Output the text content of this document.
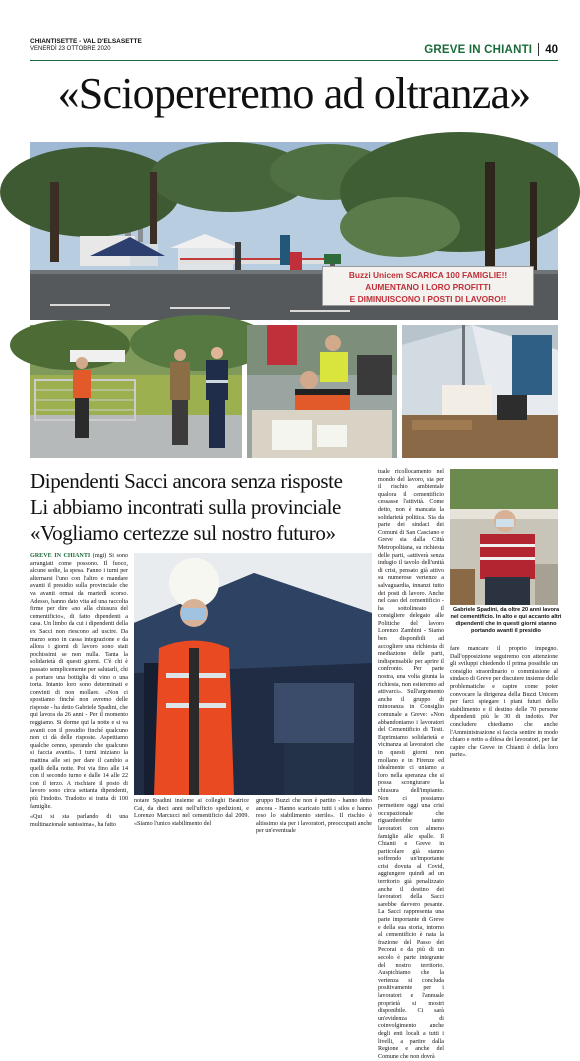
CHIANTISETTE - VAL D'ELSASETTE
VENERDÌ 23 OTTOBRE 2020	GREVE IN CHIANTI 40
«Sciopereremo ad oltranza»
Buzzi Unicem SCARICA 100 FAMIGLIE!!
AUMENTANO I LORO PROFITTI
E DIMINUISCONO I POSTI DI LAVORO!!
Dipendenti Sacci ancora senza risposte
Li abbiamo incontrati sulla provinciale
«Vogliamo certezze sul nostro futuro»

GREVE IN CHIANTI (mgi) Si sono arrangiati come possono. Il fuoco, alcune sedie, la spesa. Fanno i turni per alternarsi l'uno con l'altro e mandare avanti il presidio sulla provinciale che va avanti ormai da martedì scorso. Adesso, hanno dato vita ad una raccolta firme per dire «no alla chiusura del cementificio», di fatto dipendenti a casa. Un limbo da cui i dipendenti della ex Sacci non riescono ad uscire. Da marzo sono in cassa integrazione e da allora i giorni di lavoro sono stati pochissimi se non nulla. Tanta la solidarietà di questi giorni. C'è chi è passato semplicemente per salutarli, chi a portare una bottiglia di vino o una torta. Intanto loro sono determinati e convinti di non mollare. «Non ci spostiamo finché non avremo delle risposte - ha detto Gabriele Spadini, che qui lavora da 26 anni - Per il momento reggiamo. Si dorme qui la notte e si va avanti con il presidio finché qualcuno non ci dà delle risposte. Aspettiamo qualche cenno, sperando che qualcuno si faccia avanti». I turni iniziano la mattina alle sei per dare il cambio a quelli della notte. Poi via fino alle 14 con il secondo turno e dalle 14 alle 22 con il terzo. A rischiare il posto di lavoro sono circa settanta dipendenti, più l'indotto. Tradotto si tratta di 100 famiglie.

«Qui si sta parlando di una multinazionale sanissima», ha fatto

notare Spadini insieme ai colleghi Beatrice Cai, da dieci anni nell'ufficio spedizioni, e Lorenzo Marcucci nel cementificio dal 2009. «Siamo l'unico stabilimento del
gruppo Buzzi che non è partito - hanno detto ancora - Hanno scaricato tutti i silos e hanno reso lo stabilimento sterile». Il rischio è altissimo sia per i lavoratori, preoccupati anche per un'eventuale
tuale ricollocamento nel mondo del lavoro, sia per il rischio ambientale qualora il cementificio cessasse l'attività. Come detto, non è mancata la solidarietà politica. Sia da parte dei sindaci dei Comuni di San Casciano e Greve sia dalla Città Metropolitana, su richiesta delle parti, «attiverà senza indugio il tavolo dell'unità di crisi, pensato già attivo su numerose vertenze a salvaguardia, innanzi tutto dei posti di lavoro. Anche nel caso del cementificio - ha sottolineato il consigliere delegato alle Politiche del lavoro Lorenzo Zambini - Siamo ben disponibili ad accogliere una richiesta di mediazione delle parti, indispensabile per aprire il confronto. Per parte nostra, una volta giunta la richiesta, non esiteremo ad attivarci». Sull'argomento anche il gruppo di minoranza in Consiglio comunale a Greve: «Non abbandoniamo i lavoratori del Cementificio di Testi. Esprimiamo solidarietà e vicinanza ai lavoratori che in questi giorni non mollano e in Firenze ed idealmente ci uniamo a loro nella speranza che si possa scongiurare la chiusura dell'impianto. Non ci possiamo permettere oggi una crisi occupazionale che riguarderebbe tanto lavoratori con almeno famiglie alle spalle. Il Chianti e Greve in particolare già stanno soffrendo un'importante crisi dovuta al Covid, aggiungere quindi ad un territorio già penalizzato anche il destino dei lavoratori della Sacci sarebbe davvero pesante. La Sacci rappresenta una parte importante di Greve e della sua storia, intorno al cementificio è nata la frazione del Passo dei Pecorai e da più di un secolo è parte integrante del nostro territorio. Auspichiamo che la vertenza si concluda positivamente per i lavoratori e l'annuale proprietà si mostri disponibile. Ci sarà un'evidenza di coinvolgimento anche degli enti locali a tutti i livelli, a partire dalla Regione e anche del Comune che non dovrà
Gabriele Spadini, da oltre 20 anni lavora nel cementificio. In alto e qui accanto altri dipendenti che in questi giorni stanno portando avanti il presidio
fare mancare il proprio impegno. Dall'opposizione seguiremo con attenzione gli sviluppi chiedendo il prima possibile un consiglio straordinario o commissione al sindaco di Greve per discutere insieme delle problematiche e capire come poter convocare la dirigenza della Buzzi Unicem per farci spiegare i piani futuri dello stabilimento e il destino delle 70 persone dipendenti più le 30 di indotto. Per concludere chiediamo che anche l'Amministrazione si faccia sentire in modo chiaro e netto a difesa dei lavoratori, per far capire che Greve in Chianti è della loro parte».
